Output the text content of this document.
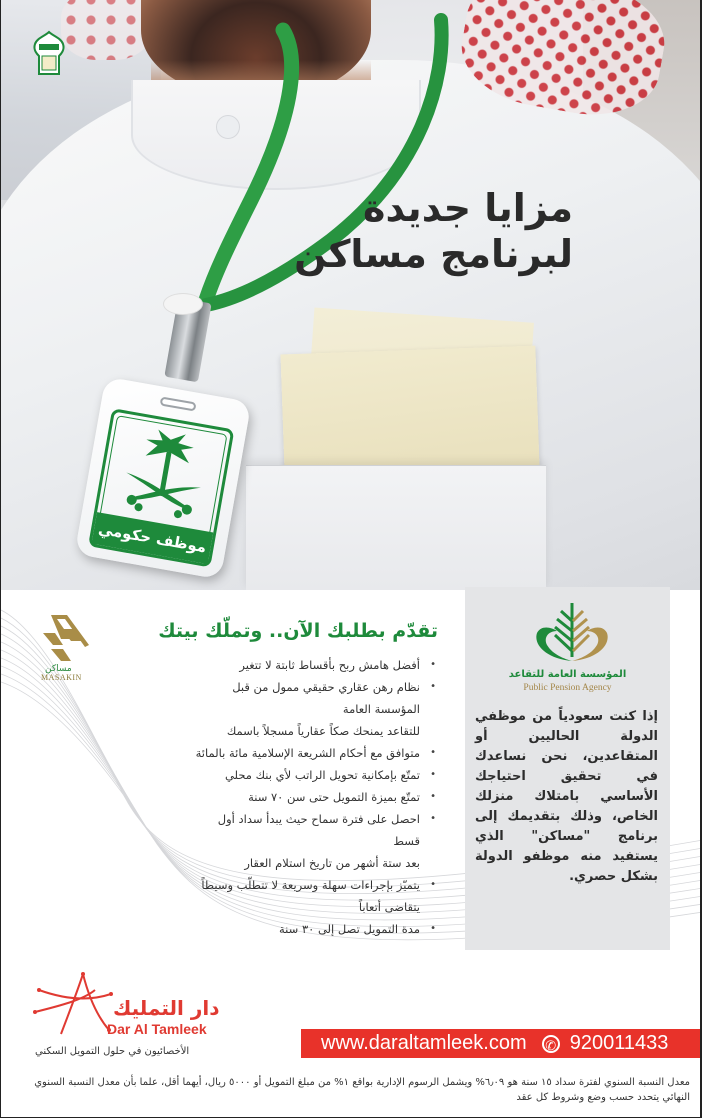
موظف حكومي
مزايا جديدة
لبرنامج مساكن
مساكن
MASAKIN
تقدّم بطلبك الآن.. وتملّك بيتك
• أفضل هامش ربح بأقساط ثابتة لا تتغير
• نظام رهن عقاري حقيقي ممول من قبل المؤسسة العامة
للتقاعد يمنحك صكاً عقارياً مسجلاً باسمك
• متوافق مع أحكام الشريعة الإسلامية مائة بالمائة
• تمتّع بإمكانية تحويل الراتب لأي بنك محلي
• تمتّع بميزة التمويل حتى سن ٧٠ سنة
• احصل على فترة سماح حيث يبدأ سداد أول قسط
بعد ستة أشهر من تاريخ استلام العقار
• يتميّز بإجراءات سهلة وسريعة لا تتطلّب وسيطاً
يتقاضى أتعاباً
• مدة التمويل تصل إلى ٣٠ سنة
المؤسسة العامة للتقاعد
Public Pension Agency
إذا كنت سعودياً من موظفي الدولة الحاليين أو المتقاعدين، نحن نساعدك في تحقيق احتياجك الأساسي بامتلاك منزلك الخاص، وذلك بتقديمك إلى برنامج "مساكن" الذي يستفيد منه موظفو الدولة بشكل حصري.
دار التمليك
Dar Al Tamleek
الأخصائيون في حلول التمويل السكني	www.daraltamleek.com ✆ 920011433
معدل النسبة السنوي لفترة سداد ١٥ سنة هو ٦٫٠٩% ويشمل الرسوم الإدارية بواقع ١% من مبلغ التمويل أو ٥٠٠٠ ريال، أيهما أقل، علما بأن معدل النسبة السنوي
النهائي يتحدد حسب وضع وشروط كل عقد
